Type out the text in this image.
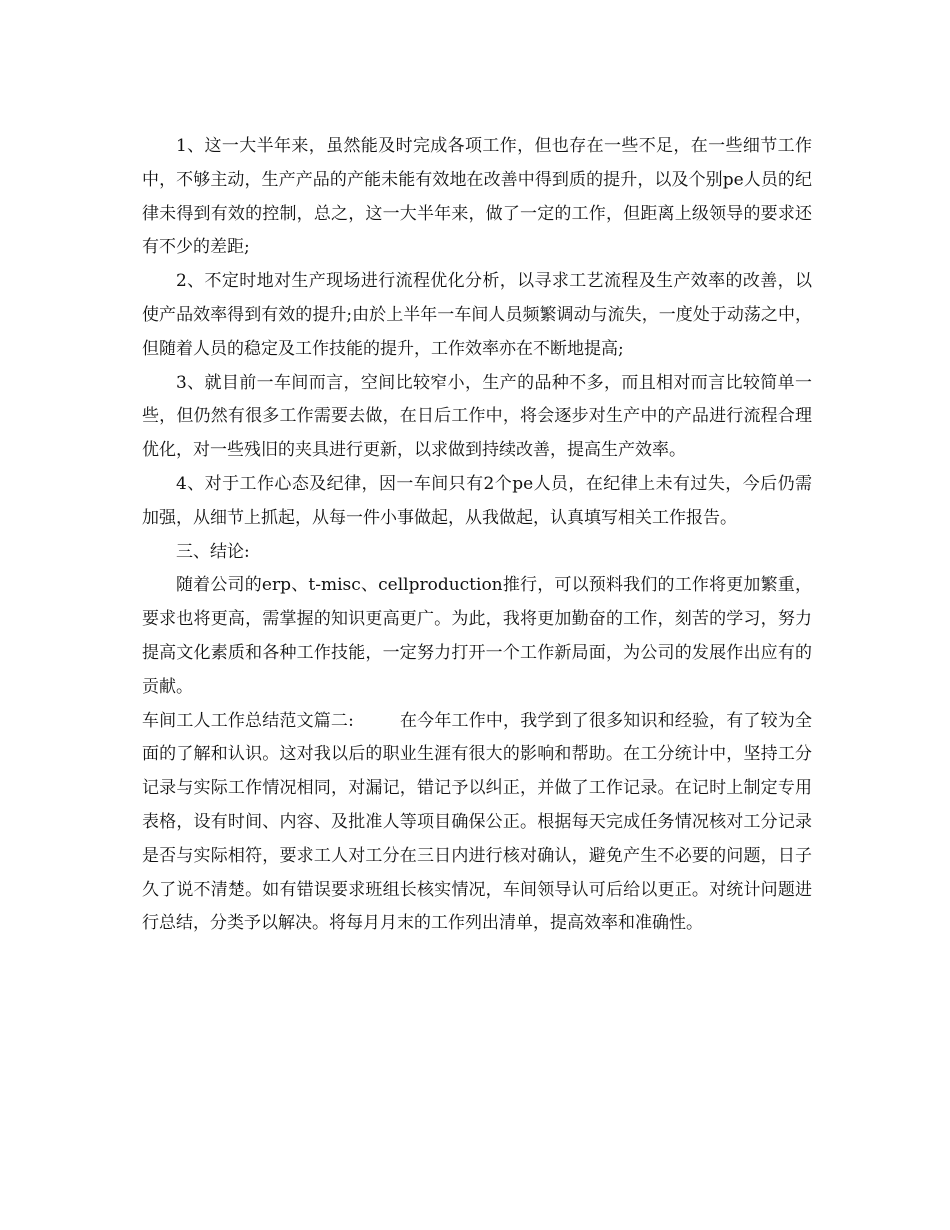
1、这一大半年来，虽然能及时完成各项工作，但也存在一些不足，在一些细节工作中，不够主动，生产产品的产能未能有效地在改善中得到质的提升，以及个别pe人员的纪律未得到有效的控制，总之，这一大半年来，做了一定的工作，但距离上级领导的要求还有不少的差距;

2、不定时地对生产现场进行流程优化分析，以寻求工艺流程及生产效率的改善，以使产品效率得到有效的提升;由於上半年一车间人员频繁调动与流失，一度处于动荡之中，但随着人员的稳定及工作技能的提升，工作效率亦在不断地提高;

3、就目前一车间而言，空间比较窄小，生产的品种不多，而且相对而言比较简单一些，但仍然有很多工作需要去做，在日后工作中，将会逐步对生产中的产品进行流程合理优化，对一些残旧的夹具进行更新，以求做到持续改善，提高生产效率。

4、对于工作心态及纪律，因一车间只有2个pe人员，在纪律上未有过失，今后仍需加强，从细节上抓起，从每一件小事做起，从我做起，认真填写相关工作报告。

三、结论:

随着公司的erp、t-misc、cellproduction推行，可以预料我们的工作将更加繁重，要求也将更高，需掌握的知识更高更广。为此，我将更加勤奋的工作，刻苦的学习，努力提高文化素质和各种工作技能，一定努力打开一个工作新局面，为公司的发展作出应有的贡献。

车间工人工作总结范文篇二:	在今年工作中，我学到了很多知识和经验，有了较为全面的了解和认识。这对我以后的职业生涯有很大的影响和帮助。在工分统计中，坚持工分记录与实际工作情况相同，对漏记，错记予以纠正，并做了工作记录。在记时上制定专用表格，设有时间、内容、及批准人等项目确保公正。根据每天完成任务情况核对工分记录是否与实际相符，要求工人对工分在三日内进行核对确认，避免产生不必要的问题，日子久了说不清楚。如有错误要求班组长核实情况，车间领导认可后给以更正。对统计问题进行总结，分类予以解决。将每月月末的工作列出清单，提高效率和准确性。
